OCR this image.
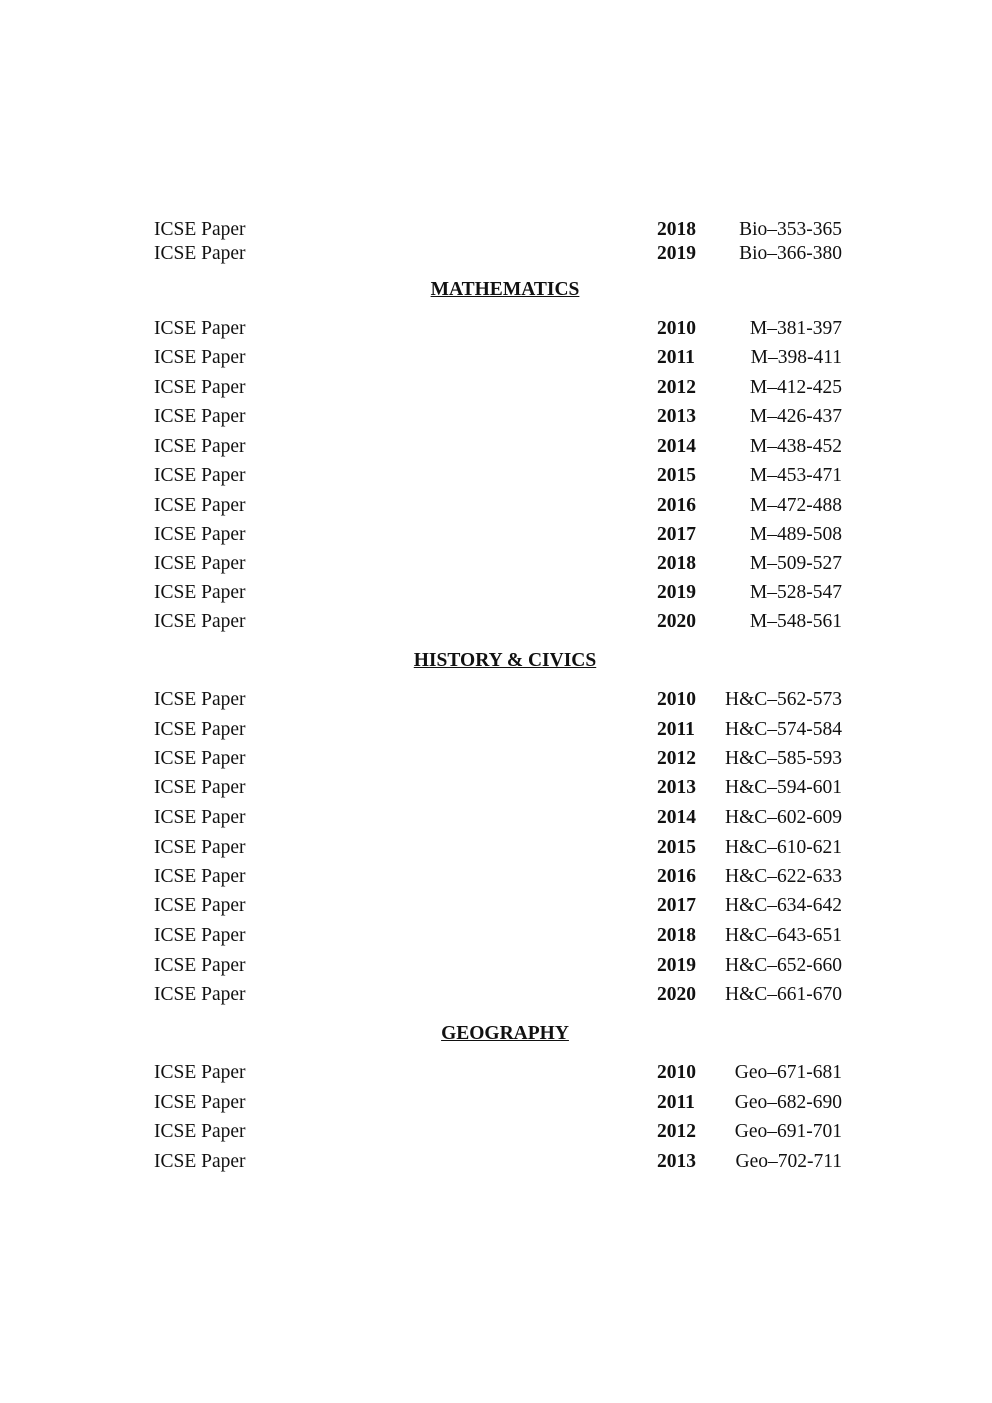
ICSE Paper	2018 Bio–353-365
ICSE Paper	2019 Bio–366-380
MATHEMATICS
ICSE Paper	2010	M–381-397
ICSE Paper	2011	M–398-411
ICSE Paper	2012	M–412-425
ICSE Paper	2013	M–426-437
ICSE Paper	2014	M–438-452
ICSE Paper	2015	M–453-471
ICSE Paper	2016	M–472-488
ICSE Paper	2017	M–489-508
ICSE Paper	2018	M–509-527
ICSE Paper	2019	M–528-547
ICSE Paper	2020	M–548-561
HISTORY & CIVICS
ICSE Paper	2010 H&C–562-573
ICSE Paper	2011 H&C–574-584
ICSE Paper	2012 H&C–585-593
ICSE Paper	2013 H&C–594-601
ICSE Paper	2014 H&C–602-609
ICSE Paper	2015 H&C–610-621
ICSE Paper	2016 H&C–622-633
ICSE Paper	2017 H&C–634-642
ICSE Paper	2018 H&C–643-651
ICSE Paper	2019 H&C–652-660
ICSE Paper	2020 H&C–661-670
GEOGRAPHY
ICSE Paper	2010 Geo–671-681
ICSE Paper	2011 Geo–682-690
ICSE Paper	2012 Geo–691-701
ICSE Paper	2013 Geo–702-711
